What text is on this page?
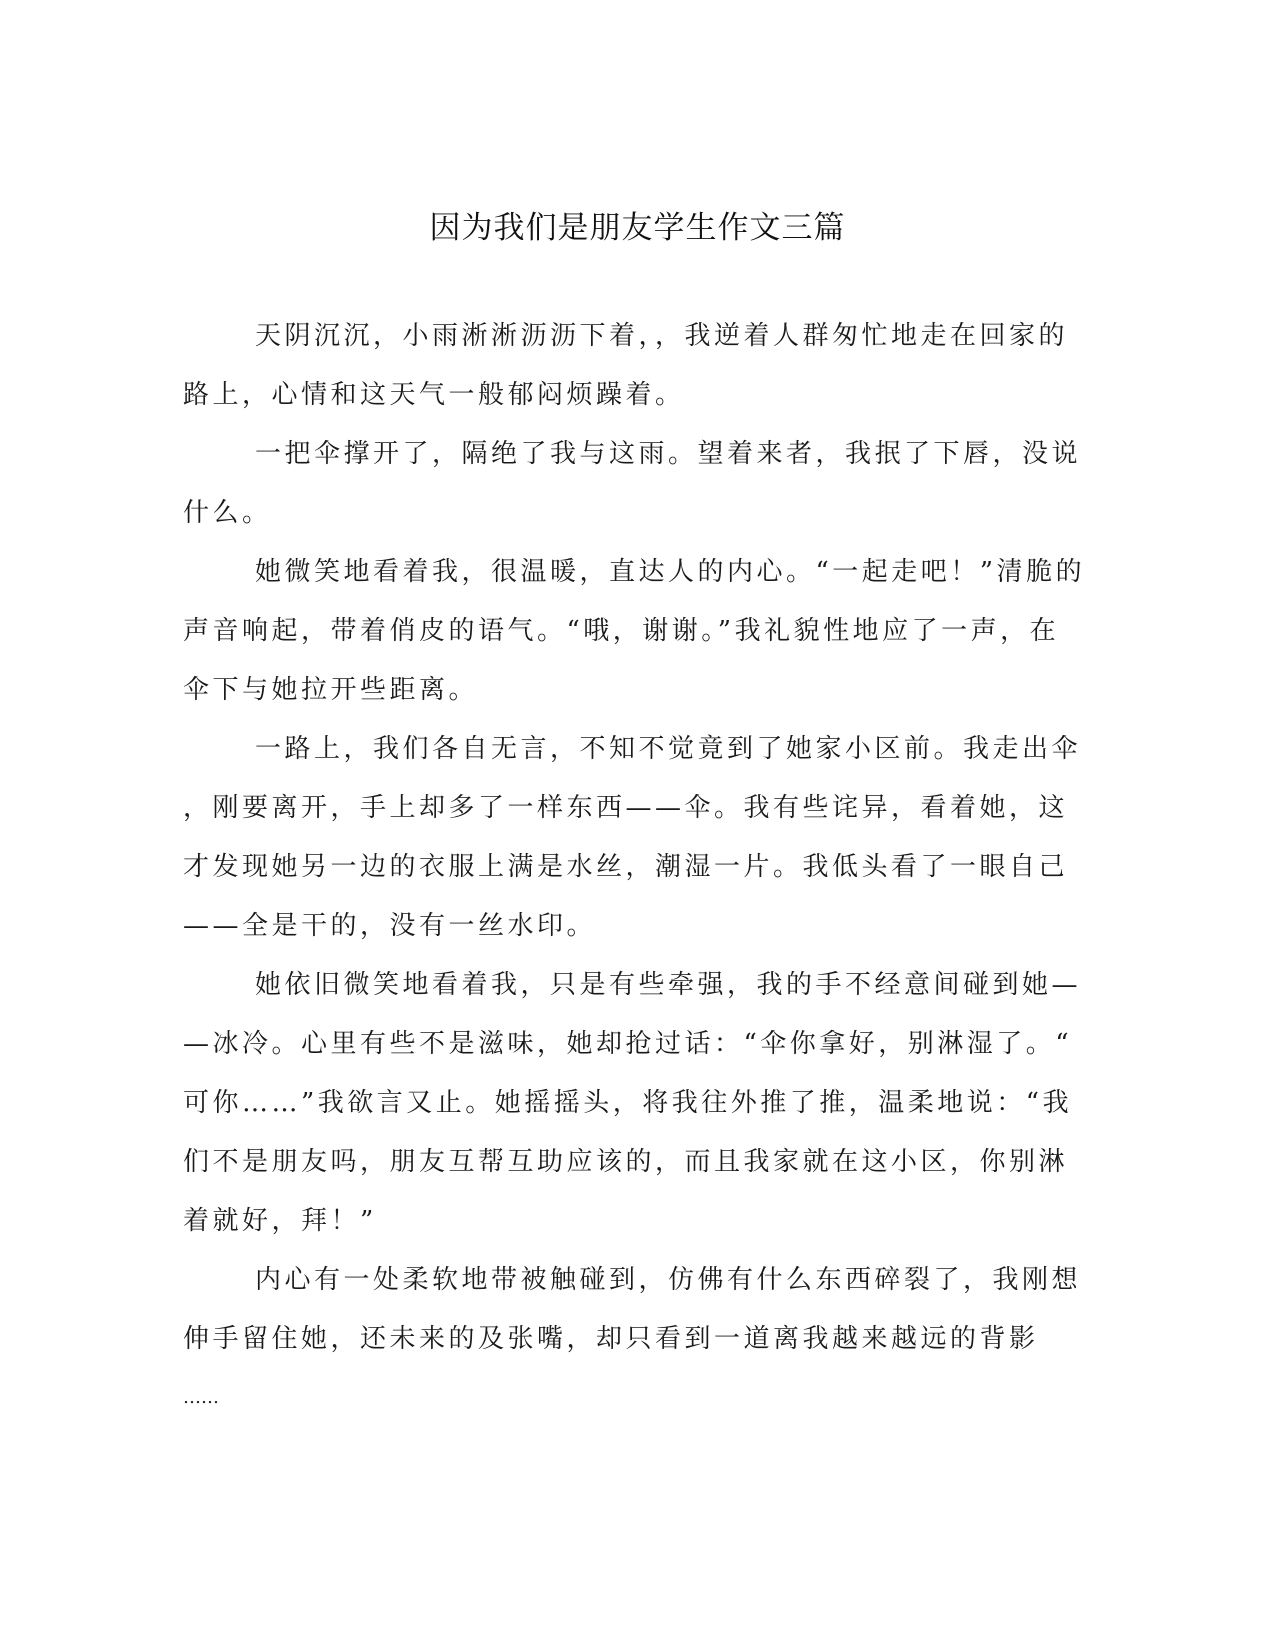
因为我们是朋友学生作文三篇
天阴沉沉，小雨淅淅沥沥下着，，我逆着人群匆忙地走在回家的
路上，心情和这天气一般郁闷烦躁着。
一把伞撑开了，隔绝了我与这雨。望着来者，我抿了下唇，没说
什么。
她微笑地看着我，很温暖，直达人的内心。“一起走吧！”清脆的
声音响起，带着俏皮的语气。“哦，谢谢。”我礼貌性地应了一声，在
伞下与她拉开些距离。
一路上，我们各自无言，不知不觉竟到了她家小区前。我走出伞
，刚要离开，手上却多了一样东西——伞。我有些诧异，看着她，这
才发现她另一边的衣服上满是水丝，潮湿一片。我低头看了一眼自己
——全是干的，没有一丝水印。
她依旧微笑地看着我，只是有些牵强，我的手不经意间碰到她—
—冰冷。心里有些不是滋味，她却抢过话：“伞你拿好，别淋湿了。“
可你……”我欲言又止。她摇摇头，将我往外推了推，温柔地说：“我
们不是朋友吗，朋友互帮互助应该的，而且我家就在这小区，你别淋
着就好，拜！”
内心有一处柔软地带被触碰到，仿佛有什么东西碎裂了，我刚想
伸手留住她，还未来的及张嘴，却只看到一道离我越来越远的背影
……
